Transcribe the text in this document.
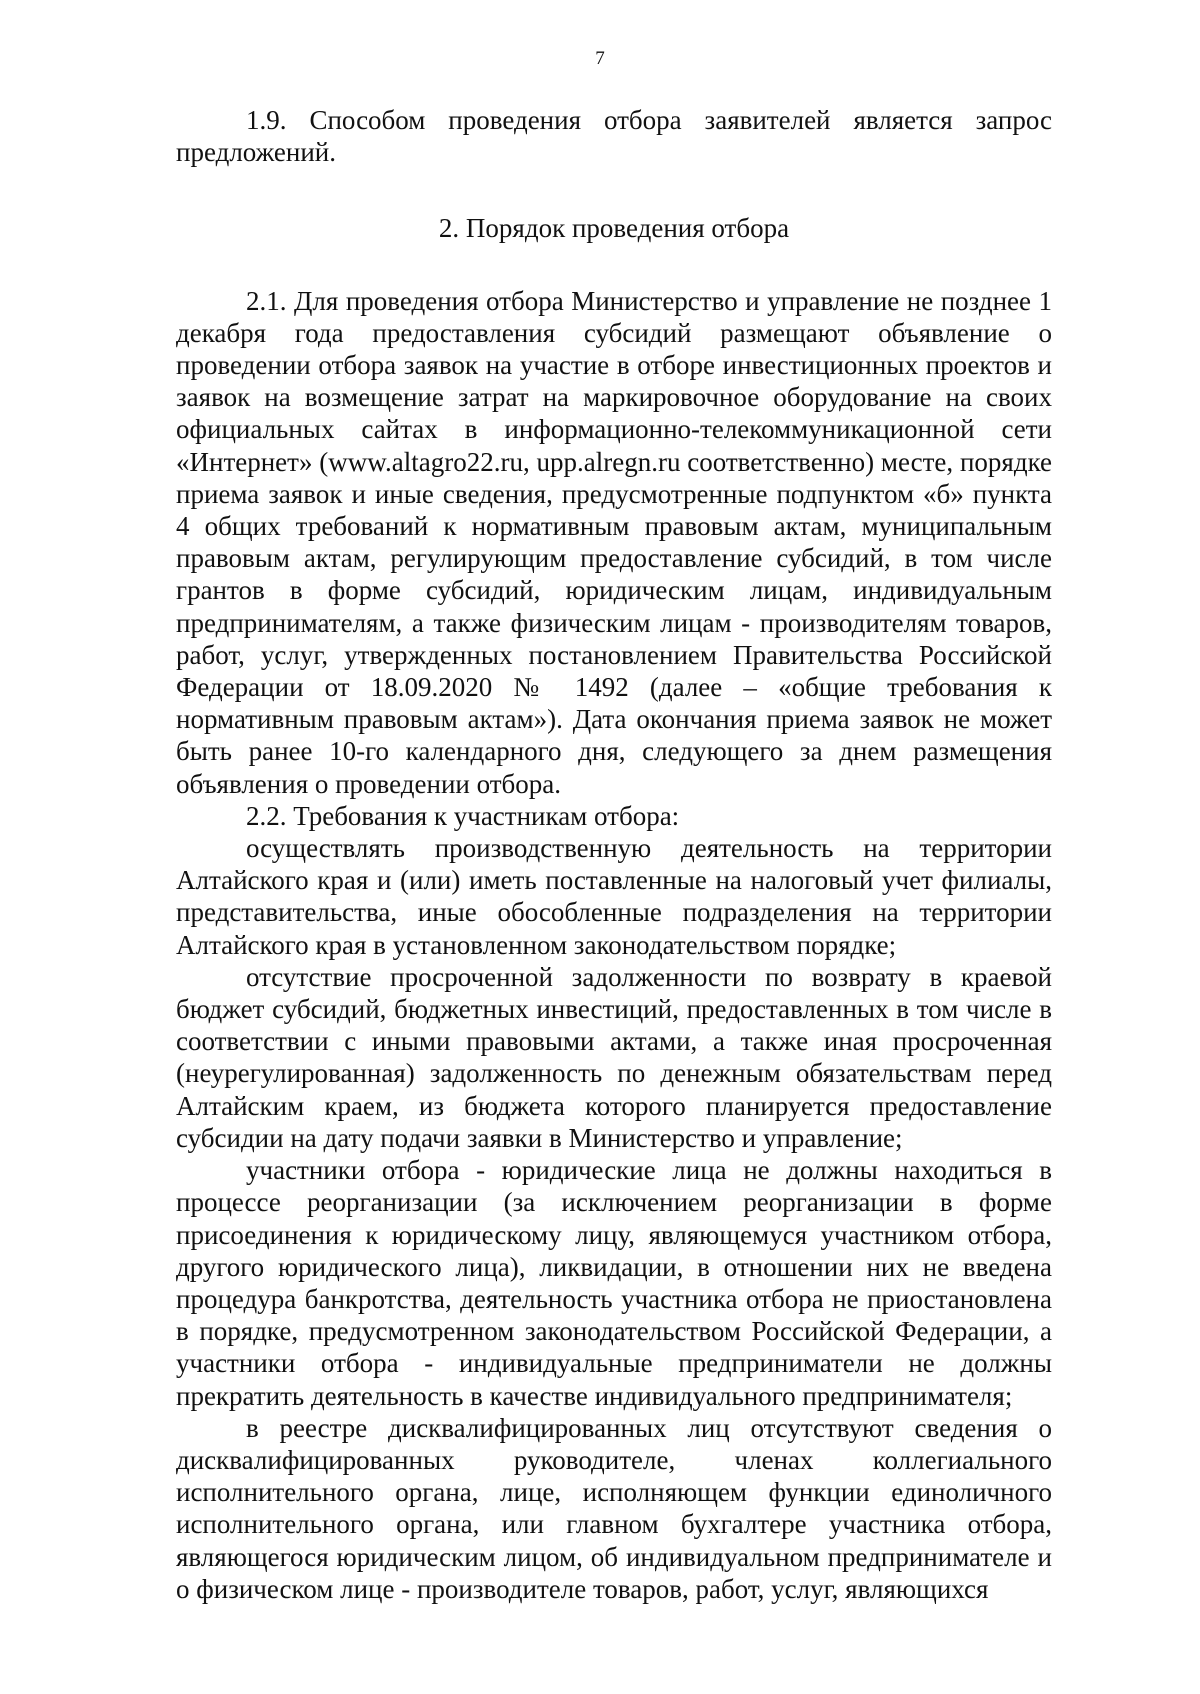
7

1.9. Способом проведения отбора заявителей является запрос предложений.

2. Порядок проведения отбора

2.1. Для проведения отбора Министерство и управление не позднее 1 декабря года предоставления субсидий размещают объявление о проведении отбора заявок на участие в отборе инвестиционных проектов и заявок на возмещение затрат на маркировочное оборудование на своих официальных сайтах в информационно-телекоммуникационной сети «Интернет» (www.altagro22.ru, upp.alregn.ru соответственно) месте, порядке приема заявок и иные сведения, предусмотренные подпунктом «б» пункта 4 общих требований к нормативным правовым актам, муниципальным правовым актам, регулирующим предоставление субсидий, в том числе грантов в форме субсидий, юридическим лицам, индивидуальным предпринимателям, а также физическим лицам - производителям товаров, работ, услуг, утвержденных постановлением Правительства Российской Федерации от 18.09.2020 № 1492 (далее – «общие требования к нормативным правовым актам»). Дата окончания приема заявок не может быть ранее 10-го календарного дня, следующего за днем размещения объявления о проведении отбора.

2.2. Требования к участникам отбора:

осуществлять производственную деятельность на территории Алтайского края и (или) иметь поставленные на налоговый учет филиалы, представительства, иные обособленные подразделения на территории Алтайского края в установленном законодательством порядке;

отсутствие просроченной задолженности по возврату в краевой бюджет субсидий, бюджетных инвестиций, предоставленных в том числе в соответствии с иными правовыми актами, а также иная просроченная (неурегулированная) задолженность по денежным обязательствам перед Алтайским краем, из бюджета которого планируется предоставление субсидии на дату подачи заявки в Министерство и управление;

участники отбора - юридические лица не должны находиться в процессе реорганизации (за исключением реорганизации в форме присоединения к юридическому лицу, являющемуся участником отбора, другого юридического лица), ликвидации, в отношении них не введена процедура банкротства, деятельность участника отбора не приостановлена в порядке, предусмотренном законодательством Российской Федерации, а участники отбора - индивидуальные предприниматели не должны прекратить деятельность в качестве индивидуального предпринимателя;

в реестре дисквалифицированных лиц отсутствуют сведения о дисквалифицированных руководителе, членах коллегиального исполнительного органа, лице, исполняющем функции единоличного исполнительного органа, или главном бухгалтере участника отбора, являющегося юридическим лицом, об индивидуальном предпринимателе и о физическом лице - производителе товаров, работ, услуг, являющихся
